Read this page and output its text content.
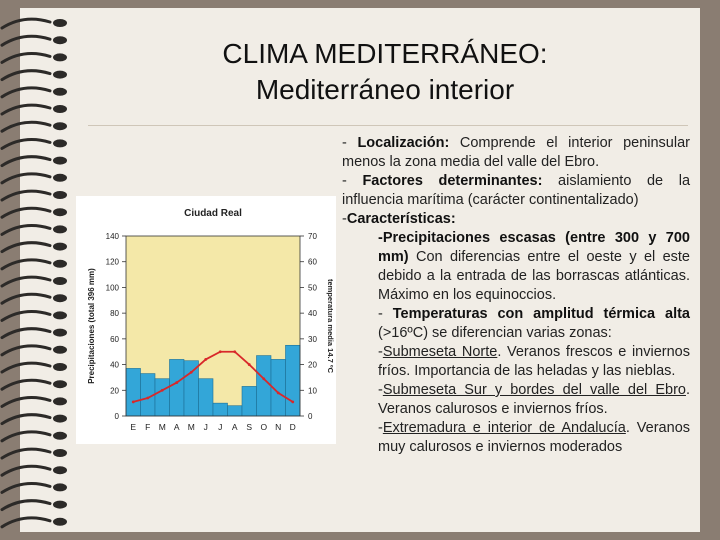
CLIMA MEDITERRÁNEO:
Mediterráneo interior
Ciudad Real
0
20
40
60
80
100
120
140
0
10
20
30
40
50
60
70
E F M A M J J A S O N D
Precipitaciones (total 396 mm)	temperatura media 14.7 ºC

- Localización: Comprende el interior peninsular menos la zona media del valle del Ebro.

- Factores determinantes: aislamiento de la influencia marítima (carácter continentalizado)

-Características:

-Precipitaciones escasas (entre 300 y 700 mm) Con diferencias entre el oeste y el este debido a la entrada de las borrascas atlánticas. Máximo en los equinoccios.

- Temperaturas con amplitud térmica alta (>16ºC) se diferencian varias zonas:

-Submeseta Norte. Veranos frescos e inviernos fríos. Importancia de las heladas y las nieblas.

-Submeseta Sur y bordes del valle del Ebro. Veranos calurosos e inviernos fríos.

-Extremadura e interior de Andalucía. Veranos muy calurosos e inviernos moderados
